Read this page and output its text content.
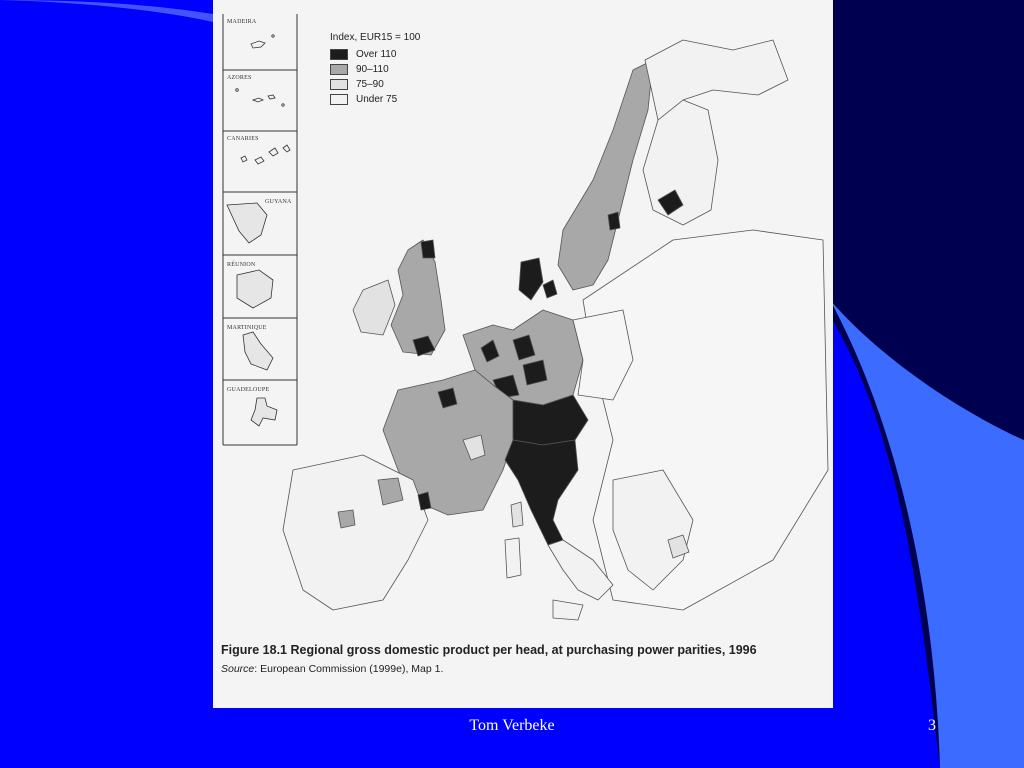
MADEIRA
AZORES
CANARIES
GUYANA
RÉUNION
MARTINIQUE
GUADELOUPE
Index, EUR15 = 100
Over 110
90–110
75–90
Under 75
Figure 18.1 Regional gross domestic product per head, at purchasing power parities, 1996
Source: European Commission (1999e), Map 1.
Tom Verbeke	3
